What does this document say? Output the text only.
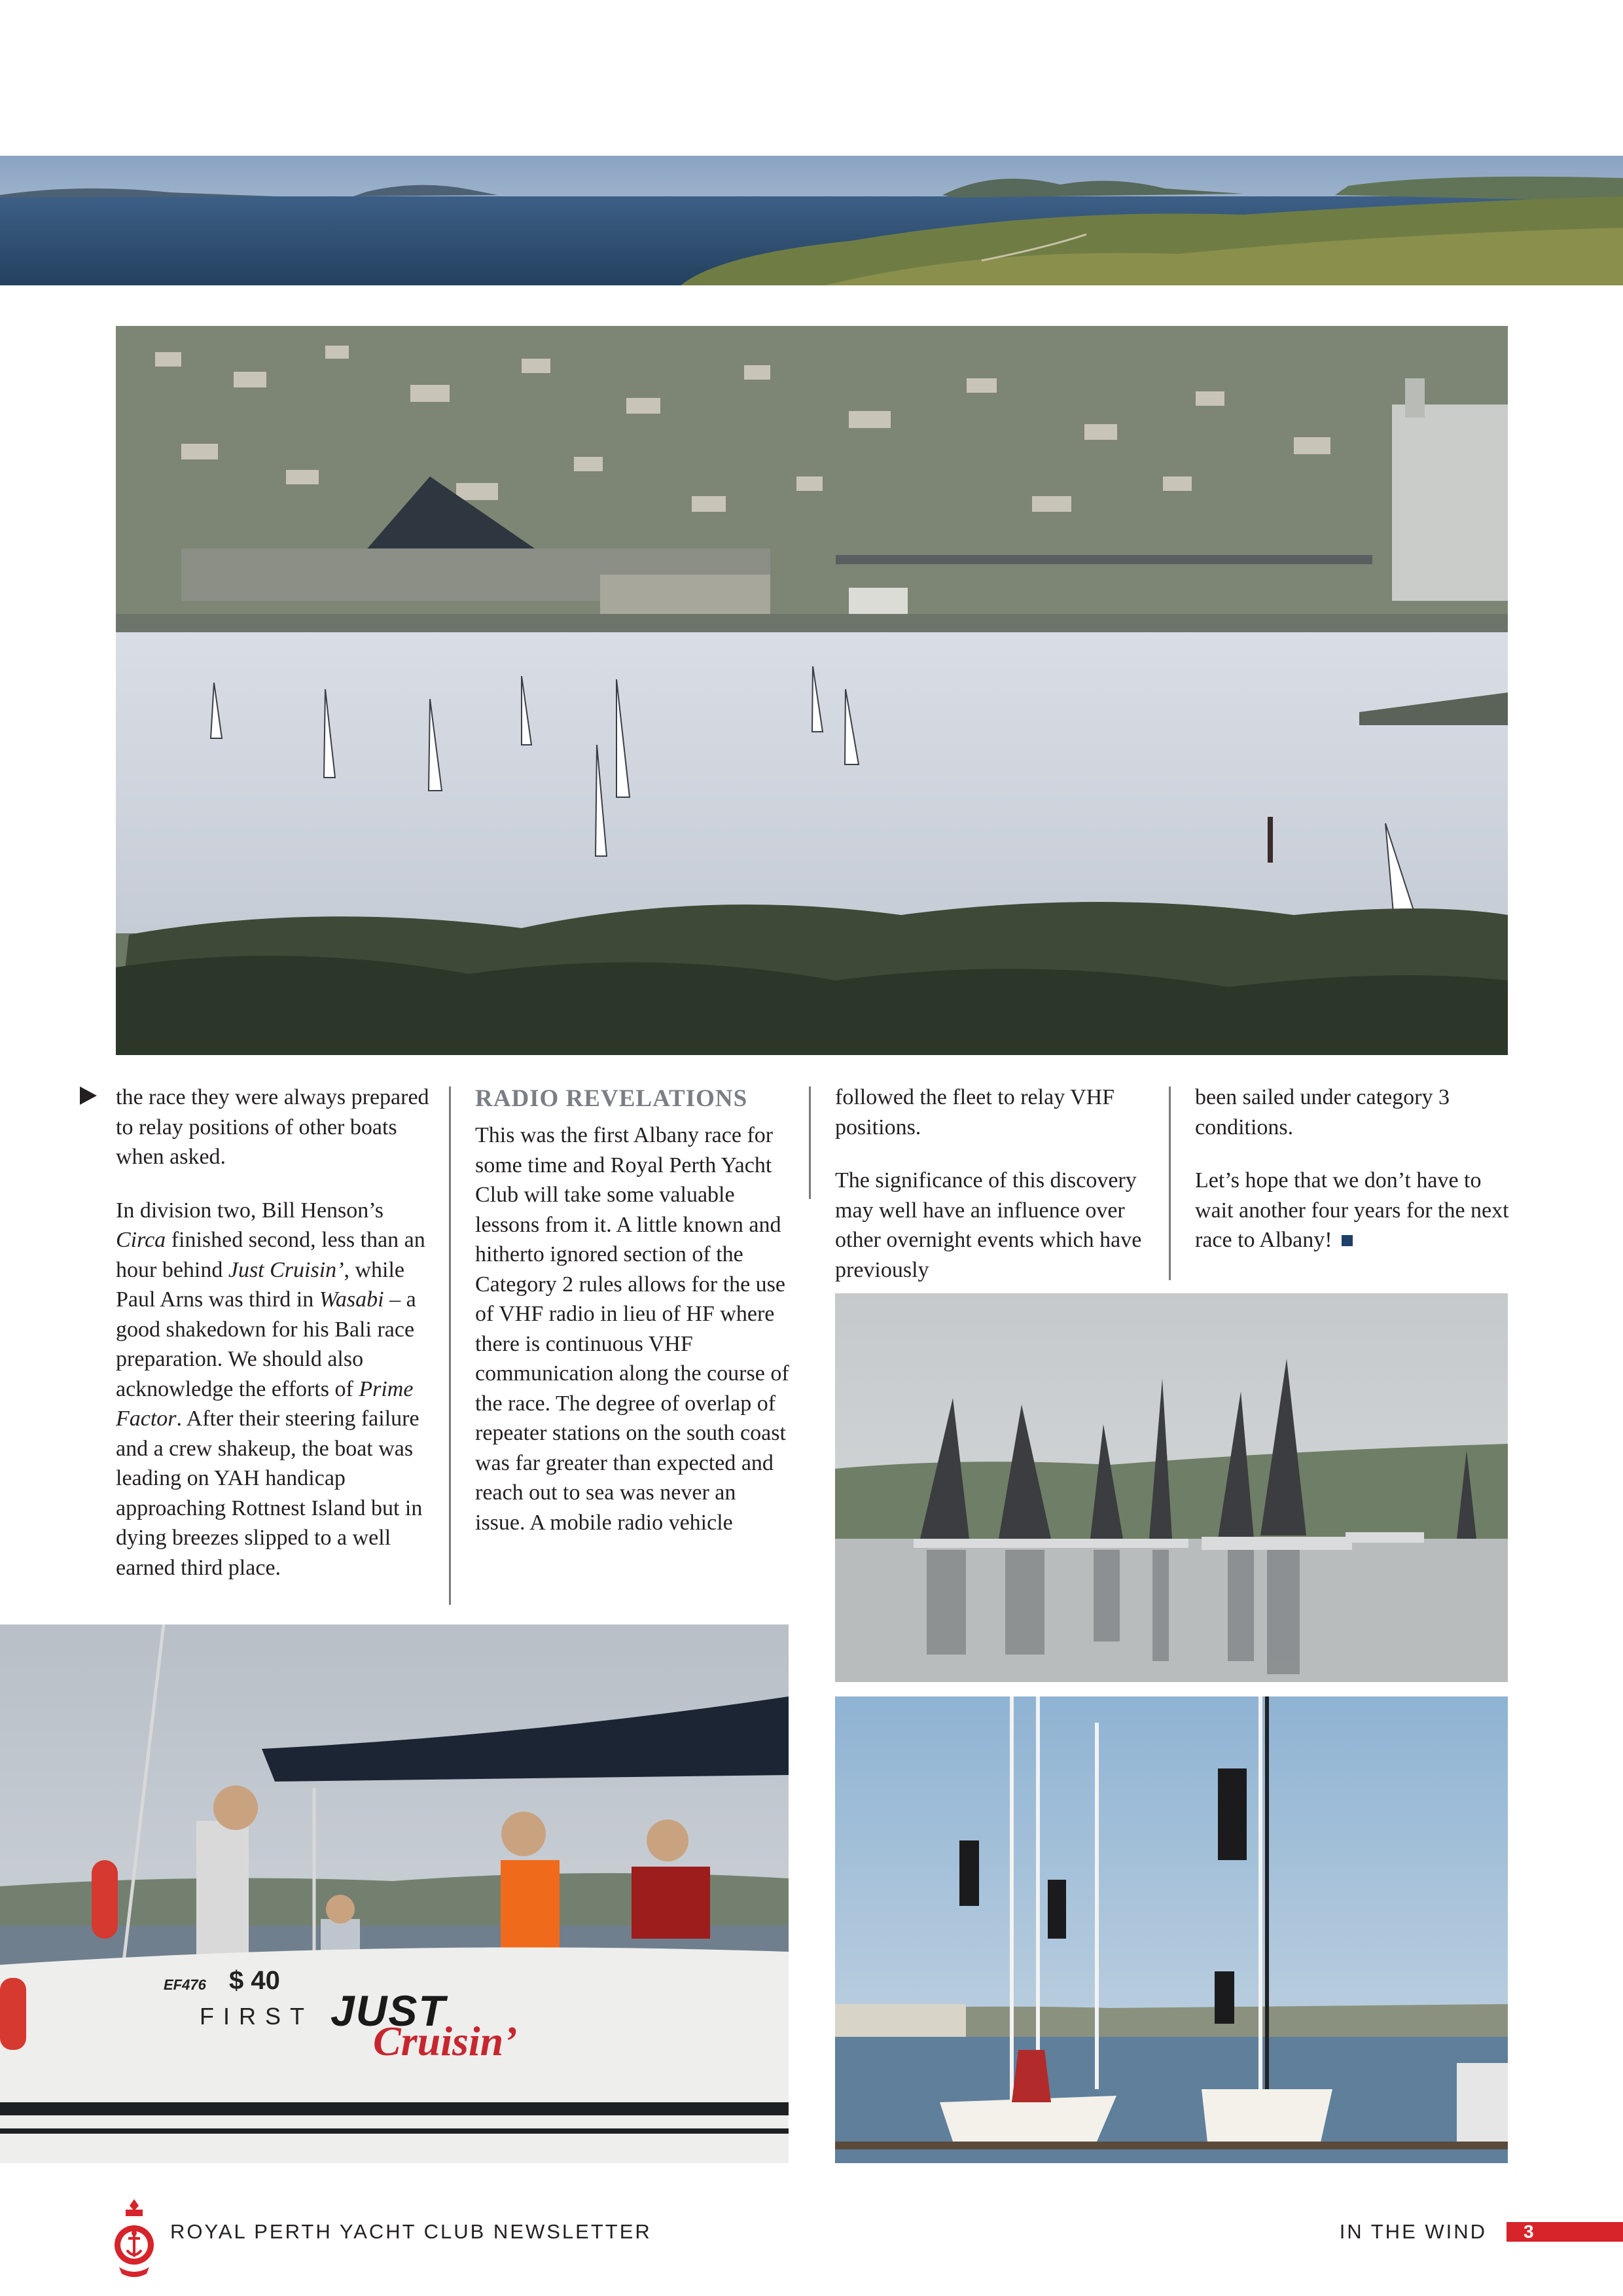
the race they were always prepared to relay positions of other boats when asked.

In division two, Bill Henson’s Circa finished second, less than an hour behind Just Cruisin’, while Paul Arns was third in Wasabi – a good shakedown for his Bali race preparation. We should also acknowledge the efforts of Prime Factor. After their steering failure and a crew shakeup, the boat was leading on YAH handicap approaching Rottnest Island but in dying breezes slipped to a well earned third place.

RADIO REVELATIONS

This was the first Albany race for some time and Royal Perth Yacht Club will take some valuable lessons from it. A little known and hitherto ignored section of the Category 2 rules allows for the use of VHF radio in lieu of HF where there is continuous VHF communication along the course of the race. The degree of overlap of repeater stations on the south coast was far greater than expected and reach out to sea was never an issue. A mobile radio vehicle

followed the fleet to relay VHF positions.

The significance of this discovery may well have an influence over other overnight events which have previously

been sailed under category 3 conditions.

Let’s hope that we don’t have to wait another four years for the next race to Albany!

EF476 $ 40
FIRST JUST
Cruisin’
ROYAL PERTH YACHT CLUB NEWSLETTER	IN THE WIND 3
